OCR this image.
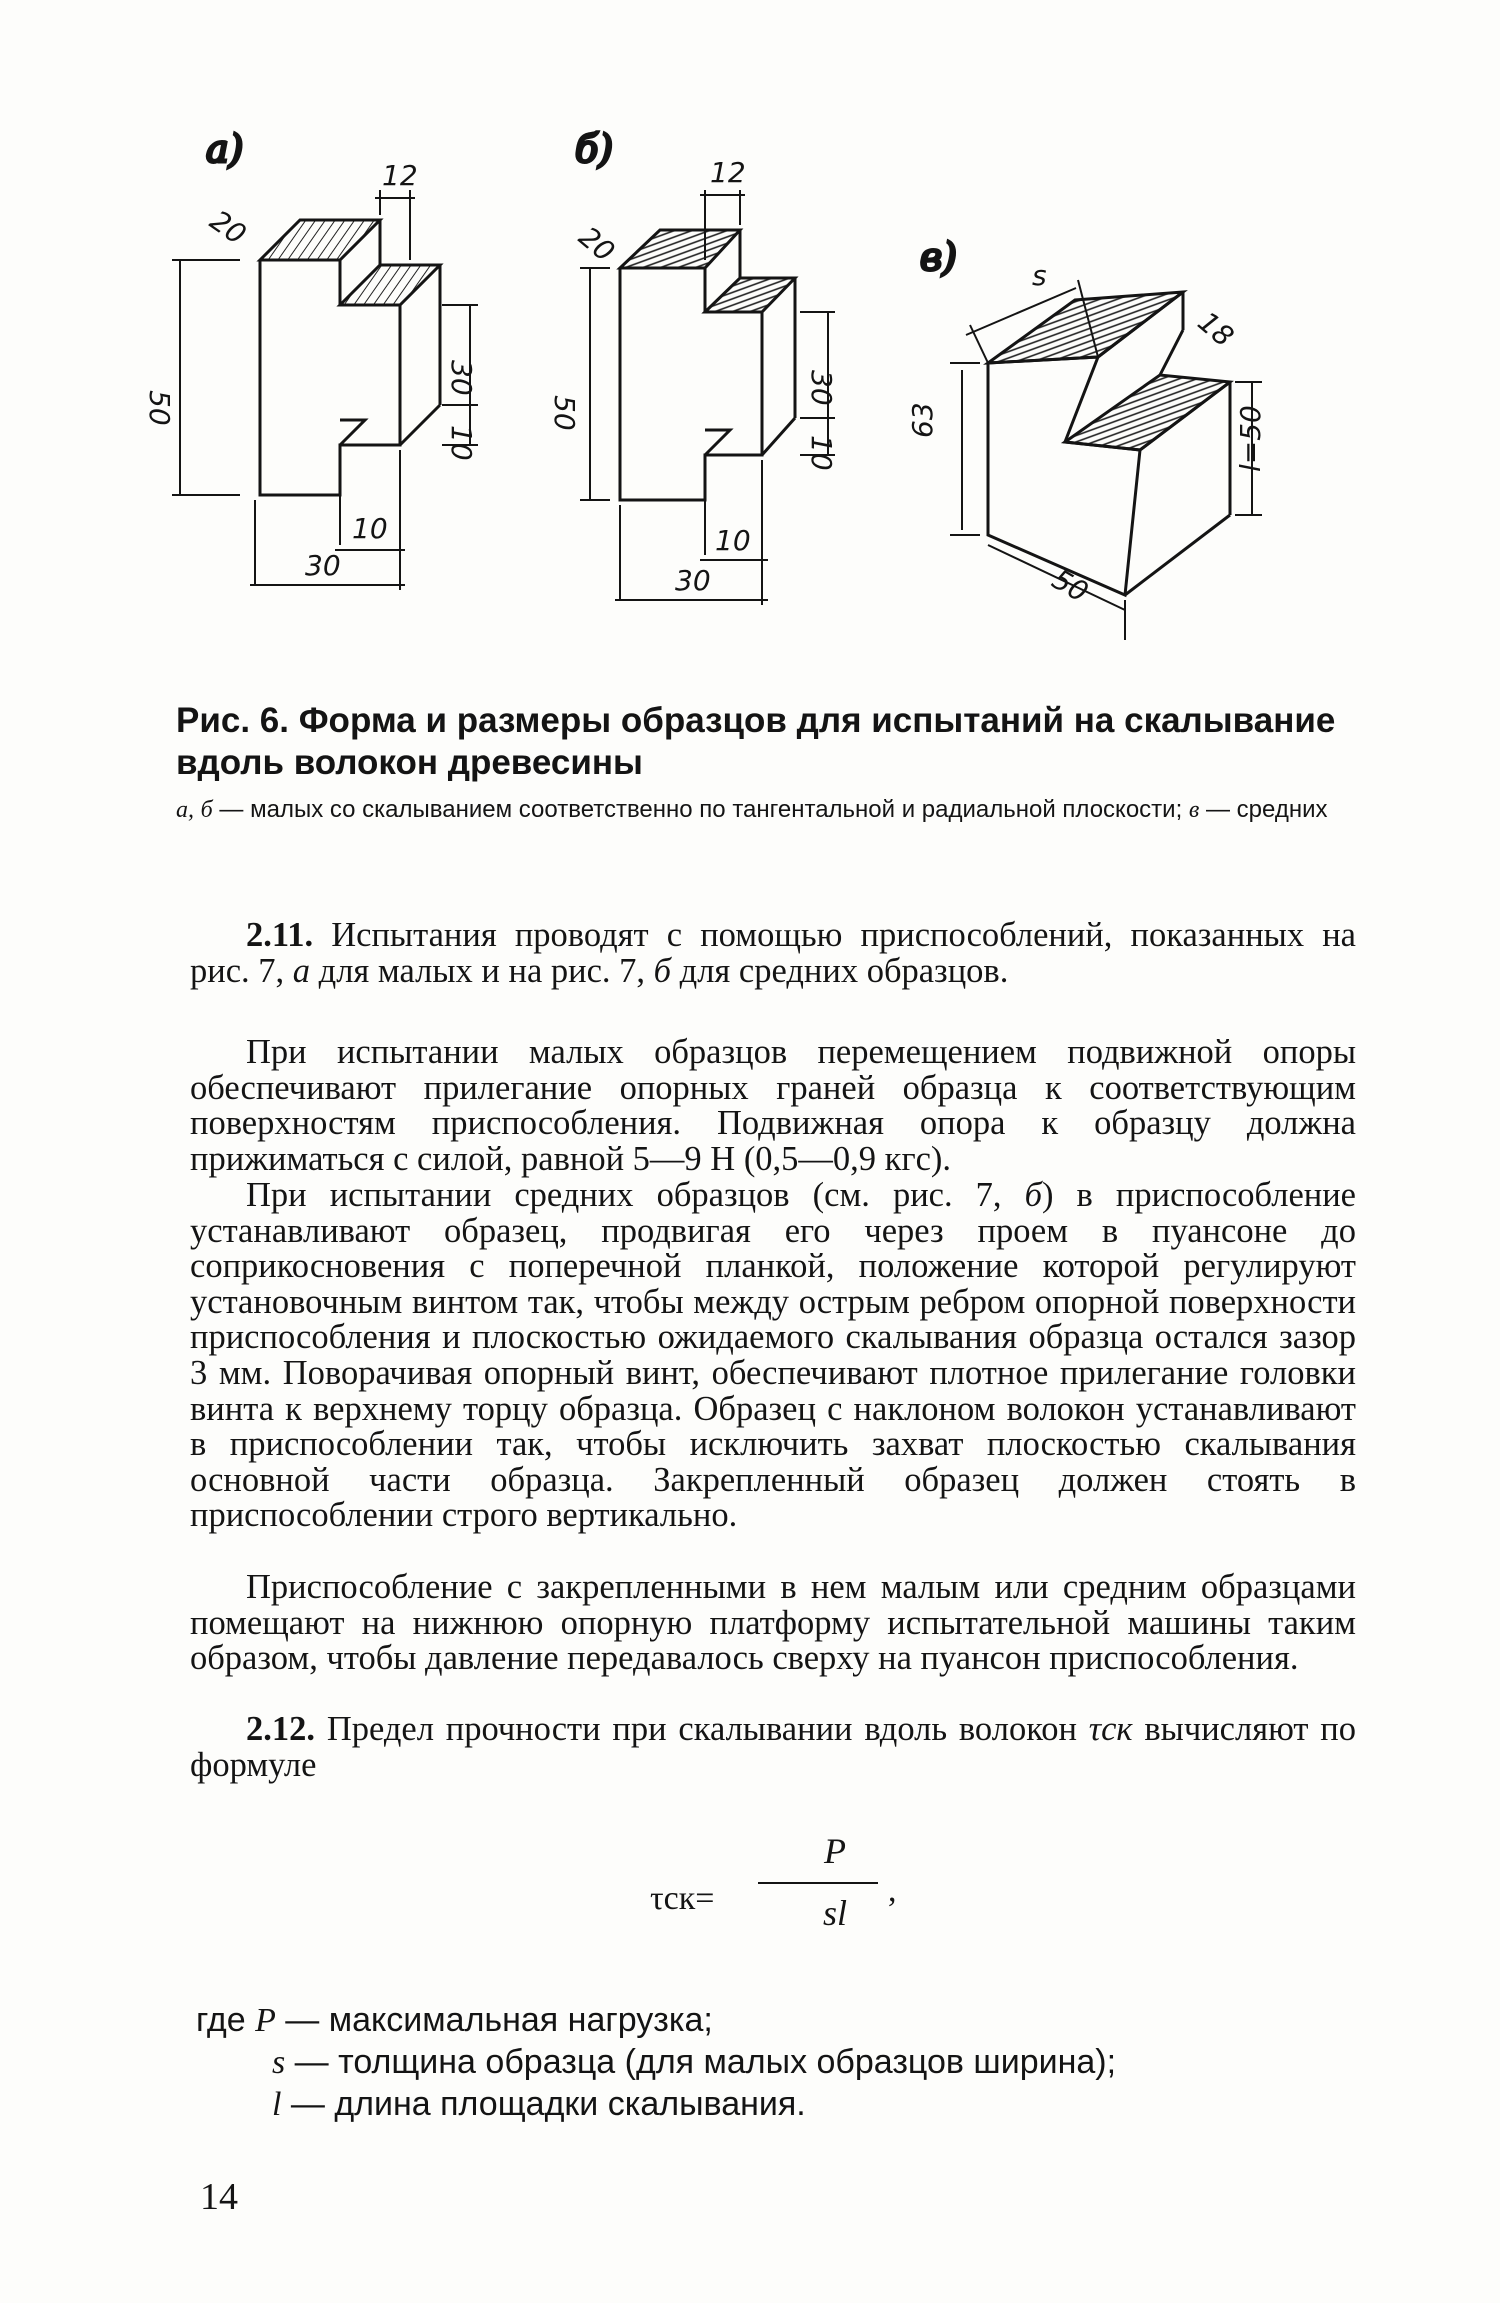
а)
12
20
50
30
10
10
30
б)
12
20
50
30
10
10
30
в)	s
18
63	l=50
50

Рис. 6. Форма и размеры образцов для испытаний на скалывание вдоль волокон древесины

а, б — малых со скалыванием соответственно по тангентальной и радиальной плоскости; в — средних

2.11. Испытания проводят с помощью приспособлений, показанных на рис. 7, а для малых и на рис. 7, б для средних образцов.

При испытании малых образцов перемещением подвижной опоры обеспечивают прилегание опорных граней образца к соответствующим поверхностям приспособления. Подвижная опора к образцу должна прижиматься с силой, равной 5—9 Н (0,5—0,9 кгс).

При испытании средних образцов (см. рис. 7, б) в приспособление устанавливают образец, продвигая его через проем в пуансоне до соприкосновения с поперечной планкой, положение которой регулируют установочным винтом так, чтобы между острым ребром опорной поверхности приспособления и плоскостью ожидаемого скалывания образца остался зазор 3 мм. Поворачивая опорный винт, обеспечивают плотное прилегание головки винта к верхнему торцу образца. Образец с наклоном волокон устанавливают в приспособлении так, чтобы исключить захват плоскостью скалывания основной части образца. Закрепленный образец должен стоять в приспособлении строго вертикально.

Приспособление с закрепленными в нем малым или средним образцами помещают на нижнюю опорную платформу испытательной машины таким образом, чтобы давление передавалось сверху на пуансон приспособления.

2.12. Предел прочности при скалывании вдоль волокон τск вычисляют по формуле

τск=
P
sl
,

где P — максимальная нагрузка;

s — толщина образца (для малых образцов ширина);

l — длина площадки скалывания.

14
